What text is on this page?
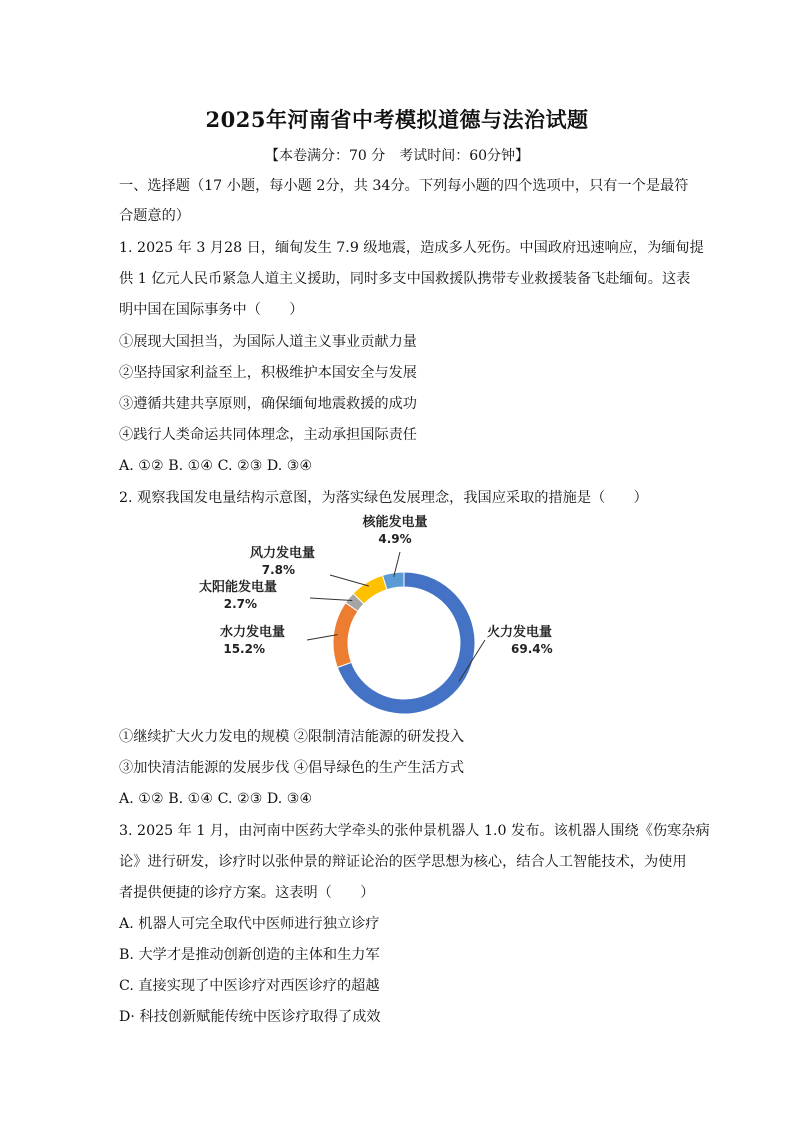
2025年河南省中考模拟道德与法治试题
【本卷满分：70 分　考试时间：60分钟】
一、选择题（17 小题，每小题 2分，共 34分。下列每小题的四个选项中，只有一个是最符
合题意的）
1. 2025 年 3 月28 日，缅甸发生 7.9 级地震，造成多人死伤。中国政府迅速响应，为缅甸提
供 1 亿元人民币紧急人道主义援助，同时多支中国救援队携带专业救援装备飞赴缅甸。这表
明中国在国际事务中（　　）
①展现大国担当，为国际人道主义事业贡献力量
②坚持国家利益至上，积极维护本国安全与发展
③遵循共建共享原则，确保缅甸地震救援的成功
④践行人类命运共同体理念，主动承担国际责任
A. ①② B. ①④ C. ②③ D. ③④
2. 观察我国发电量结构示意图，为落实绿色发展理念，我国应采取的措施是（　　）
火力发电量
69.4%
水力发电量
15.2%
太阳能发电量
2.7%
风力发电量
7.8%
核能发电量
4.9%
①继续扩大火力发电的规模 ②限制清洁能源的研发投入
③加快清洁能源的发展步伐 ④倡导绿色的生产生活方式
A. ①② B. ①④ C. ②③ D. ③④
3. 2025 年 1 月，由河南中医药大学牵头的张仲景机器人 1.0 发布。该机器人围绕《伤寒杂病
论》进行研发，诊疗时以张仲景的辩证论治的医学思想为核心，结合人工智能技术，为使用
者提供便捷的诊疗方案。这表明（　　）
A. 机器人可完全取代中医师进行独立诊疗
B. 大学才是推动创新创造的主体和生力军
C. 直接实现了中医诊疗对西医诊疗的超越
D· 科技创新赋能传统中医诊疗取得了成效
